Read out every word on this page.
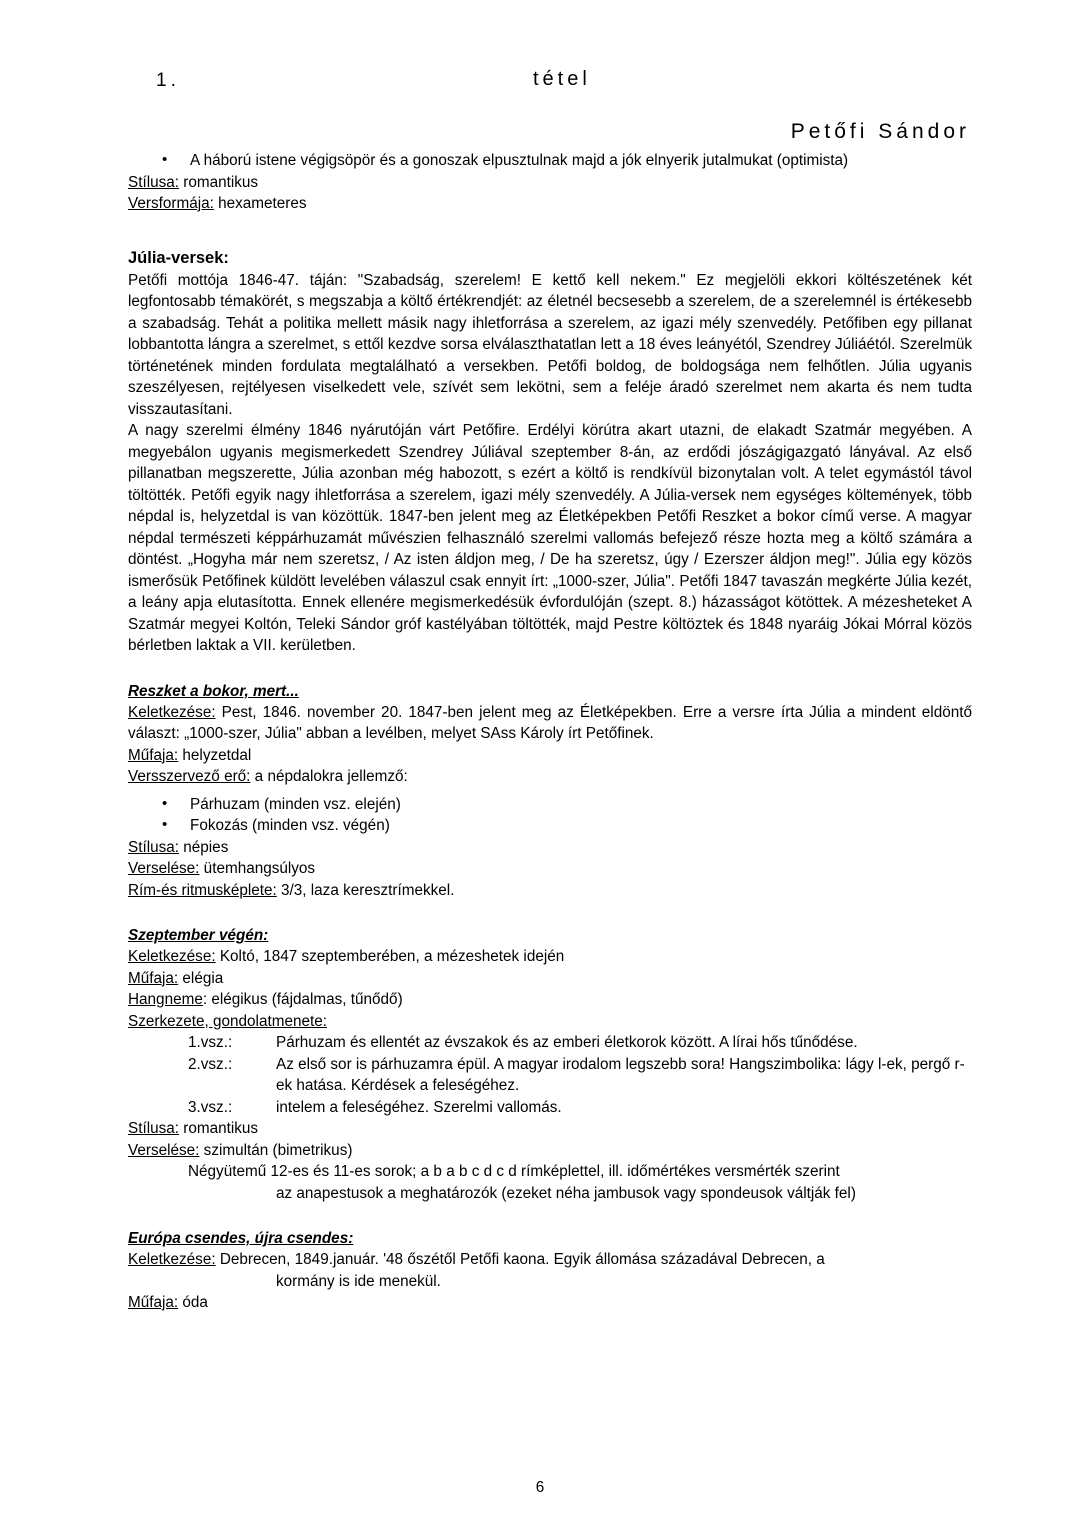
1.	tétel
Petőfi Sándor
• A háború istene végigsöpör és a gonoszak elpusztulnak majd a jók elnyerik jutalmukat (optimista)
Stílusa: romantikus
Versformája: hexameteres
Júlia-versek:

Petőfi mottója 1846-47. táján: "Szabadság, szerelem! E kettő kell nekem." Ez megjelöli ekkori költészetének két legfontosabb témakörét, s megszabja a költő értékrendjét: az életnél becsesebb a szerelem, de a szerelemnél is értékesebb a szabadság. Tehát a politika mellett másik nagy ihletforrása a szerelem, az igazi mély szenvedély. Petőfiben egy pillanat lobbantotta lángra a szerelmet, s ettől kezdve sorsa elválaszthatatlan lett a 18 éves leányétól, Szendrey Júliáétól. Szerelmük történetének minden fordulata megtalálható a versekben. Petőfi boldog, de boldogsága nem felhőtlen. Júlia ugyanis szeszélyesen, rejtélyesen viselkedett vele, szívét sem lekötni, sem a feléje áradó szerelmet nem akarta és nem tudta visszautasítani.

A nagy szerelmi élmény 1846 nyárutóján várt Petőfire. Erdélyi körútra akart utazni, de elakadt Szatmár megyében. A megyebálon ugyanis megismerkedett Szendrey Júliával szeptember 8-án, az erdődi jószágigazgató lányával. Az első pillanatban megszerette, Júlia azonban még habozott, s ezért a költő is rendkívül bizonytalan volt. A telet egymástól távol töltötték. Petőfi egyik nagy ihletforrása a szerelem, igazi mély szenvedély. A Júlia-versek nem egységes költemények, több népdal is, helyzetdal is van közöttük. 1847-ben jelent meg az Életképekben Petőfi Reszket a bokor című verse. A magyar népdal természeti képpárhuzamát művészien felhasználó szerelmi vallomás befejező része hozta meg a költő számára a döntést. „Hogyha már nem szeretsz, / Az isten áldjon meg, / De ha szeretsz, úgy / Ezerszer áldjon meg!". Júlia egy közös ismerősük Petőfinek küldött levelében válaszul csak ennyit írt: „1000-szer, Júlia". Petőfi 1847 tavaszán megkérte Júlia kezét, a leány apja elutasította. Ennek ellenére megismerkedésük évfordulóján (szept. 8.) házasságot kötöttek. A mézesheteket A Szatmár megyei Koltón, Teleki Sándor gróf kastélyában töltötték, majd Pestre költöztek és 1848 nyaráig Jókai Mórral közös bérletben laktak a VII. kerületben.

Reszket a bokor, mert...
Keletkezése: Pest, 1846. november 20. 1847-ben jelent meg az Életképekben. Erre a versre írta Júlia a mindent eldöntő választ: „1000-szer, Júlia" abban a levélben, melyet SAss Károly írt Petőfinek.
Műfaja: helyzetdal
Versszervező erő: a népdalokra jellemző:
• Párhuzam (minden vsz. elején)
• Fokozás (minden vsz. végén)
Stílusa: népies
Verselése: ütemhangsúlyos
Rím-és ritmusképlete: 3/3, laza keresztrímekkel.
Szeptember végén:
Keletkezése: Koltó, 1847 szeptemberében, a mézeshetek idején
Műfaja: elégia
Hangneme: elégikus (fájdalmas, tűnődő)
Szerkezete, gondolatmenete:
1.vsz.:	Párhuzam és ellentét az évszakok és az emberi életkorok között. A lírai hős tűnődése.
2.vsz.:	Az első sor is párhuzamra épül. A magyar irodalom legszebb sora! Hangszimbolika: lágy l-ek, pergő r-ek hatása. Kérdések a feleségéhez.
3.vsz.:	intelem a feleségéhez. Szerelmi vallomás.
Stílusa: romantikus
Verselése: szimultán (bimetrikus)
Négyütemű 12-es és 11-es sorok; a b a b c d c d rímképlettel, ill. időmértékes versmérték szerint
az anapestusok a meghatározók (ezeket néha jambusok vagy spondeusok váltják fel)
Európa csendes, újra csendes:
Keletkezése: Debrecen, 1849.január. '48 őszétől Petőfi kaona. Egyik állomása századával Debrecen, a
kormány is ide menekül.
Műfaja: óda
6
